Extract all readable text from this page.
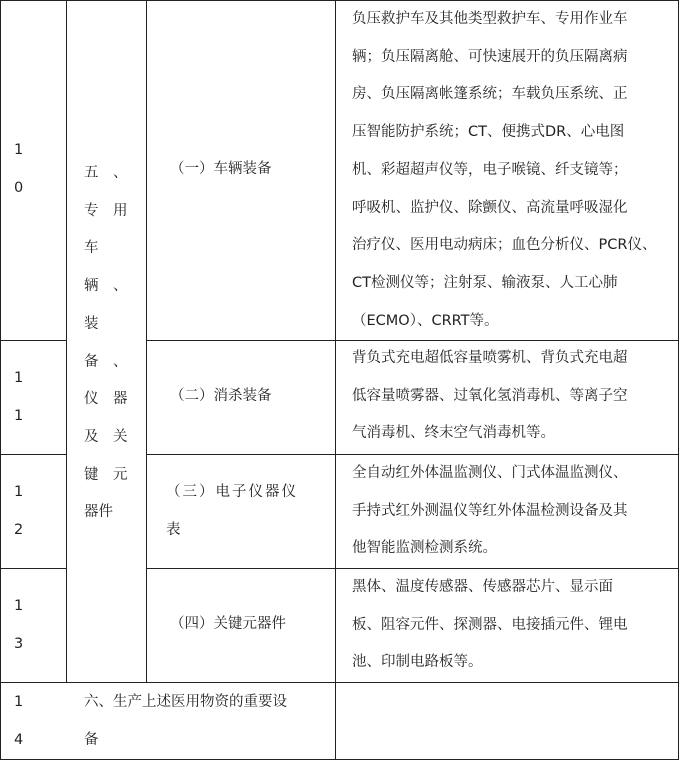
1
0
（一）车辆装备
负压救护车及其他类型救护车、专用作业车
辆；负压隔离舱、可快速展开的负压隔离病
房、负压隔离帐篷系统；车载负压系统、正
压智能防护系统；CT、便携式DR、心电图
机、彩超超声仪等，电子喉镜、纤支镜等；
呼吸机、监护仪、除颤仪、高流量呼吸湿化
治疗仪、医用电动病床；血色分析仪、PCR仪、
CT检测仪等；注射泵、输液泵、人工心肺
（ECMO）、CRRT等。
五　、
专　用
车
辆　、
装
备　、
仪　器
及　关
键　元
器件
1
1
（二）消杀装备
背负式充电超低容量喷雾机、背负式充电超
低容量喷雾器、过氧化氢消毒机、等离子空
气消毒机、终末空气消毒机等。
1
2
（三）电子仪器仪
表
全自动红外体温监测仪、门式体温监测仪、
手持式红外测温仪等红外体温检测设备及其
他智能监测检测系统。
1
3
（四）关键元器件
黑体、温度传感器、传感器芯片、显示面
板、阻容元件、探测器、电接插元件、锂电
池、印制电路板等。
1
4
六、生产上述医用物资的重要设
备
